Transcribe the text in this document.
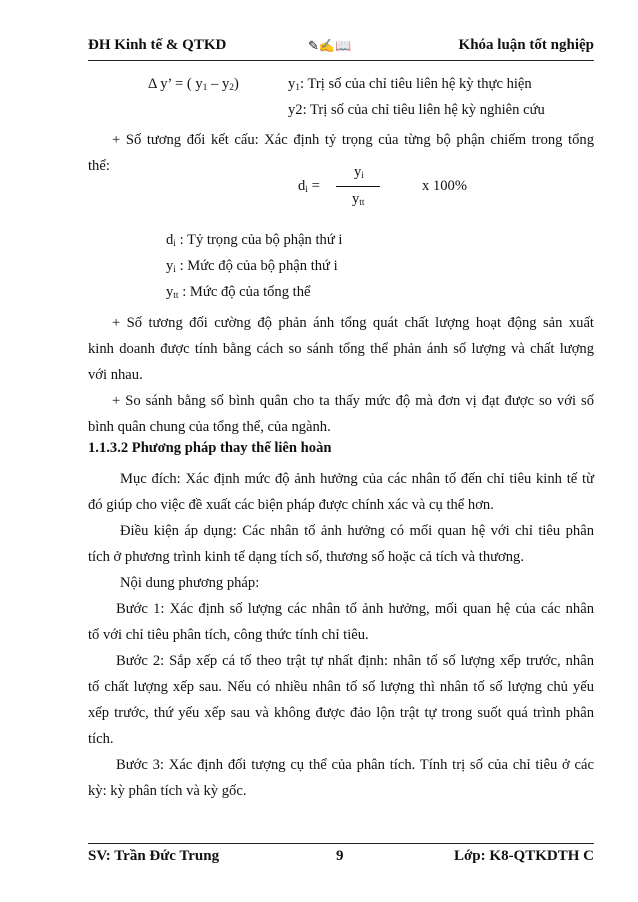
ĐH Kinh tế & QTKD	✎✍📖	Khóa luận tốt nghiệp
Δ y’ = ( $y_1 - y_2$)	$y_1$: Trị số của chỉ tiêu liên hệ kỳ thực hiện
y2: Trị số của chỉ tiêu liên hệ kỳ nghiên cứu
+ Số tương đối kết cấu: Xác định tỷ trọng của từng bộ phận chiếm trong tổng
thể:
$d_i$ =
$y_i$
$y_{tt}$
x 100%
$d_i$ : Tỷ trọng của bộ phận thứ i
$y_i$ : Mức độ của bộ phận thứ i
$y_{tt}$ : Mức độ của tổng thể
+ Số tương đối cường độ phản ánh tổng quát chất lượng hoạt động sản xuất
kinh doanh được tính bằng cách so sánh tổng thể phản ánh số lượng và chất lượng
với nhau.
+ So sánh bằng số bình quân cho ta thấy mức độ mà đơn vị đạt được so với số
bình quân chung của tổng thể, của ngành.
1.1.3.2 Phương pháp thay thế liên hoàn
Mục đích: Xác định mức độ ảnh hưởng của các nhân tố đến chỉ tiêu kinh tế từ
đó giúp cho việc đề xuất các biện pháp được chính xác và cụ thể hơn.
Điều kiện áp dụng: Các nhân tố ảnh hưởng có mối quan hệ với chỉ tiêu phân
tích ở phương trình kinh tế dạng tích số, thương số hoặc cả tích và thương.
Nội dung phương pháp:
Bước 1: Xác định số lượng các nhân tố ảnh hưởng, mối quan hệ của các nhân
tố với chỉ tiêu phân tích, công thức tính chỉ tiêu.
Bước 2: Sắp xếp cá tố theo trật tự nhất định: nhân tố số lượng xếp trước, nhân
tố chất lượng xếp sau. Nếu có nhiều nhân tố số lượng thì nhân tố số lượng chủ yếu
xếp trước, thứ yếu xếp sau và không được đảo lộn trật tự trong suốt quá trình phân
tích.
Bước 3: Xác định đối tượng cụ thể của phân tích. Tính trị số của chỉ tiêu ở các
kỳ: kỳ phân tích và kỳ gốc.
SV: Trần Đức Trung	9	Lớp: K8-QTKDTH C
